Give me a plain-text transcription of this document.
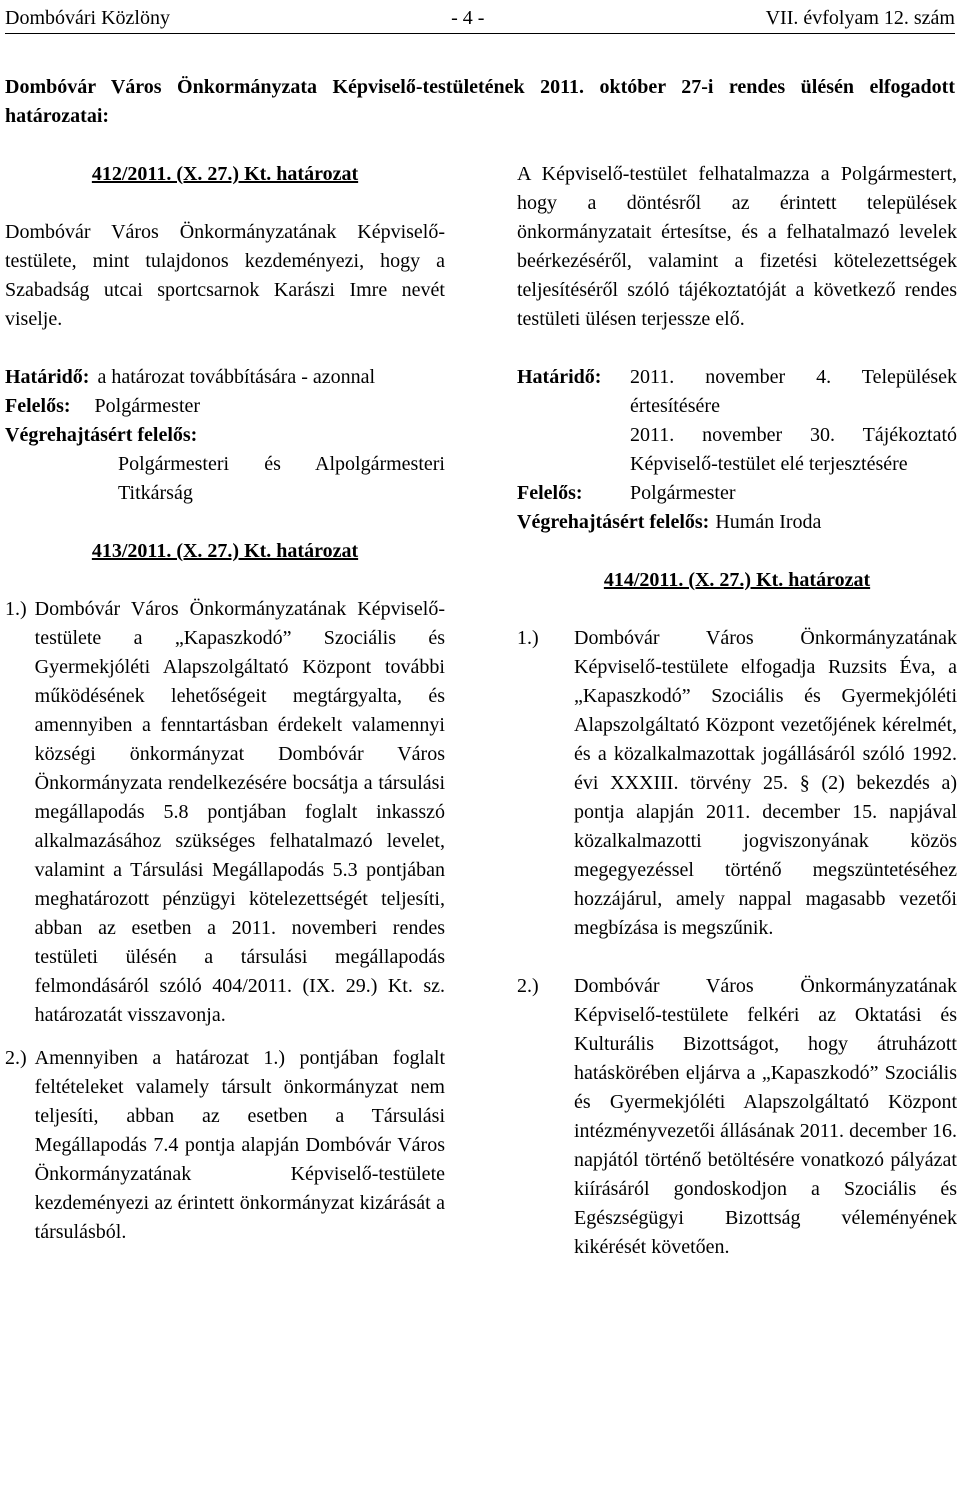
Dombóvári Közlöny	- 4 -	VII. évfolyam 12. szám
Dombóvár Város Önkormányzata Képviselő-testületének 2011. október 27-i rendes ülésén elfogadott határozatai:

412/2011. (X. 27.) Kt. határozat

Dombóvár Város Önkormányzatának Képviselő-testülete, mint tulajdonos kezdeményezi, hogy a Szabadság utcai sportcsarnok Karászi Imre nevét viselje.

Határidő: a határozat továbbítására - azonnal

Felelős: Polgármester
Végrehajtásért felelős:

Polgármesteri és Alpolgármesteri Titkárság

413/2011. (X. 27.) Kt. határozat

1.) Dombóvár Város Önkormányzatának Képviselő-testülete a „Kapaszkodó” Szociális és Gyermekjóléti Alapszolgáltató Központ további működésének lehetőségeit megtárgyalta, és amennyiben a fenntartásban érdekelt valamennyi községi önkormányzat Dombóvár Város Önkormányzata rendelkezésére bocsátja a társulási megállapodás 5.8 pontjában foglalt inkasszó alkalmazásához szükséges felhatalmazó levelet, valamint a Társulási Megállapodás 5.3 pontjában meghatározott pénzügyi kötelezettségét teljesíti, abban az esetben a 2011. novemberi rendes testületi ülésén a társulási megállapodás felmondásáról szóló 404/2011. (IX. 29.) Kt. sz. határozatát visszavonja.

2.) Amennyiben a határozat 1.) pontjában foglalt feltételeket valamely társult önkormányzat nem teljesíti, abban az esetben a Társulási Megállapodás 7.4 pontja alapján Dombóvár Város Önkormányzatának Képviselő-testülete kezdeményezi az érintett önkormányzat kizárását a társulásból.

A Képviselő-testület felhatalmazza a Polgármestert, hogy a döntésről az érintett települések önkormányzatait értesítse, és a felhatalmazó levelek beérkezéséről, valamint a fizetési kötelezettségek teljesítéséről szóló tájékoztatóját a következő rendes testületi ülésen terjessze elő.

Határidő:	2011. november 4. Települések értesítésére

2011. november 30. Tájékoztató Képviselő-testület elé terjesztésére

Felelős:	Polgármester
Végrehajtásért felelős: Humán Iroda

414/2011. (X. 27.) Kt. határozat

1.)	Dombóvár Város Önkormányzatának Képviselő-testülete elfogadja Ruzsits Éva, a „Kapaszkodó” Szociális és Gyermekjóléti Alapszolgáltató Központ vezetőjének kérelmét, és a közalkalmazottak jogállásáról szóló 1992. évi XXXIII. törvény 25. § (2) bekezdés a) pontja alapján 2011. december 15. napjával közalkalmazotti jogviszonyának közös megegyezéssel történő megszüntetéséhez hozzájárul, amely nappal magasabb vezetői megbízása is megszűnik.

2.)	Dombóvár Város Önkormányzatának Képviselő-testülete felkéri az Oktatási és Kulturális Bizottságot, hogy átruházott hatáskörében eljárva a „Kapaszkodó” Szociális és Gyermekjóléti Alapszolgáltató Központ intézményvezetői állásának 2011. december 16. napjától történő betöltésére vonatkozó pályázat kiírásáról gondoskodjon a Szociális és Egészségügyi Bizottság véleményének kikérését követően.
